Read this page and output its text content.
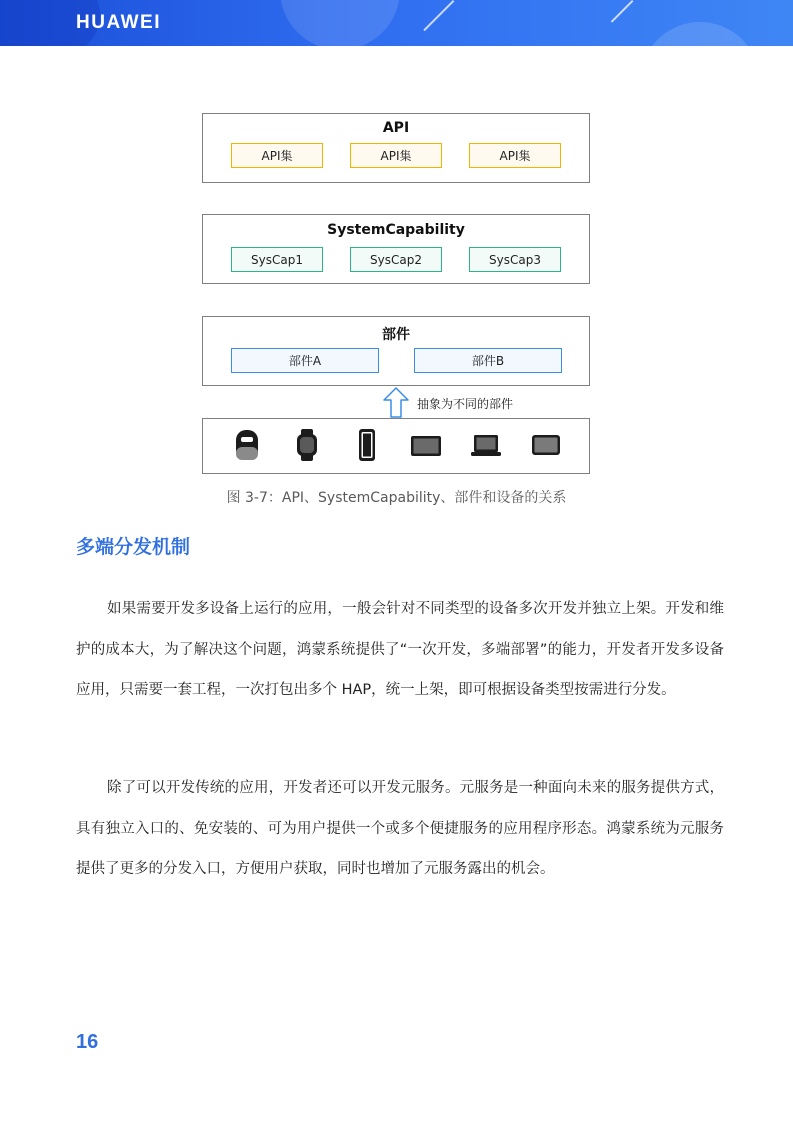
HUAWEI
API
API集	API集	API集
SystemCapability
SysCap1	SysCap2	SysCap3
部件
部件A	部件B
抽象为不同的部件
图 3-7：API、SystemCapability、部件和设备的关系
多端分发机制
如果需要开发多设备上运行的应用，一般会针对不同类型的设备多次开发并独立上架。开发和维护的成本大，为了解决这个问题，鸿蒙系统提供了“一次开发，多端部署”的能力，开发者开发多设备应用，只需要一套工程，一次打包出多个 HAP，统一上架，即可根据设备类型按需进行分发。
除了可以开发传统的应用，开发者还可以开发元服务。元服务是一种面向未来的服务提供方式，具有独立入口的、免安装的、可为用户提供一个或多个便捷服务的应用程序形态。鸿蒙系统为元服务提供了更多的分发入口，方便用户获取，同时也增加了元服务露出的机会。
16
